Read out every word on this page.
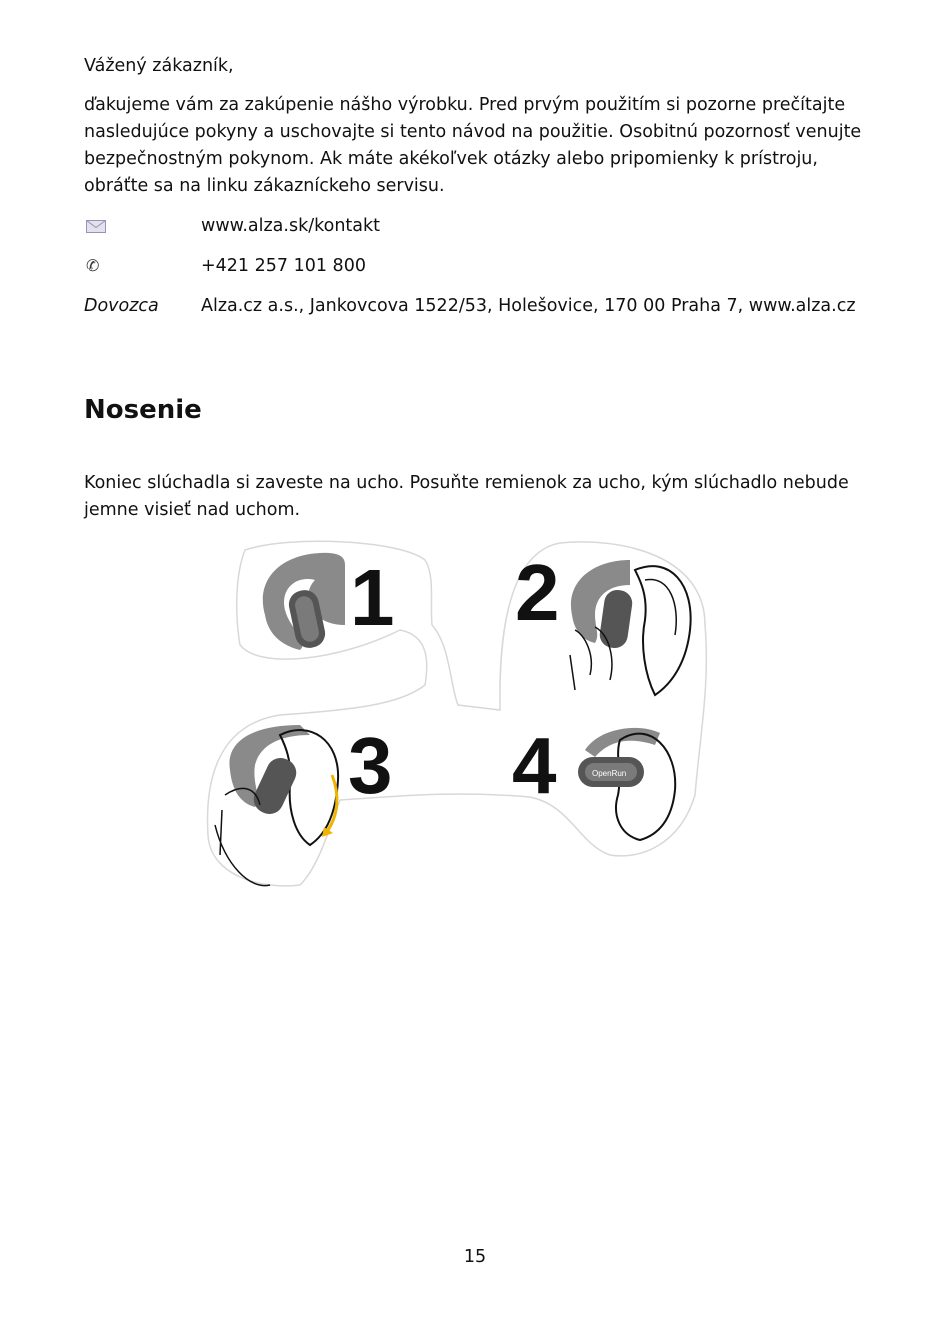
Vážený zákazník,

ďakujeme vám za zakúpenie nášho výrobku. Pred prvým použitím si pozorne prečítajte nasledujúce pokyny a uschovajte si tento návod na použitie. Osobitnú pozornosť venujte bezpečnostným pokynom. Ak máte akékoľvek otázky alebo pripomienky k prístroju, obráťte sa na linku zákazníckeho servisu.

www.alza.sk/kontakt
✆	+421 257 101 800
Dovozca Alza.cz a.s., Jankovcova 1522/53, Holešovice, 170 00 Praha 7, www.alza.cz
Nosenie

Koniec slúchadla si zaveste na ucho. Posuňte remienok za ucho, kým slúchadlo nebude jemne visieť nad uchom.

1 2
3 4	OpenRun
15
